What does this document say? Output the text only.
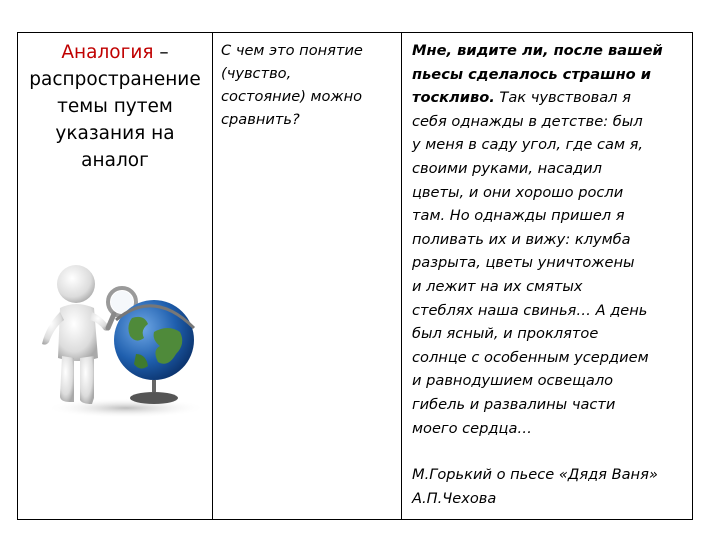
Аналогия –
распространение
темы путем
указания на
аналог

С чем это понятие
(чувство,
состояние) можно
сравнить?

Мне, видите ли, после вашей
пьесы сделалось страшно и
тоскливо. Так чувствовал я
себя однажды в детстве: был
у меня в саду угол, где сам я,
своими руками, насадил
цветы, и они хорошо росли
там. Но однажды пришел я
поливать их и вижу: клумба
разрыта, цветы уничтожены
и лежит на их смятых
стеблях наша свинья… А день
был ясный, и проклятое
солнце с особенным усердием
и равнодушием освещало
гибель и развалины части
моего сердца…
М.Горький о пьесе «Дядя Ваня»
А.П.Чехова
